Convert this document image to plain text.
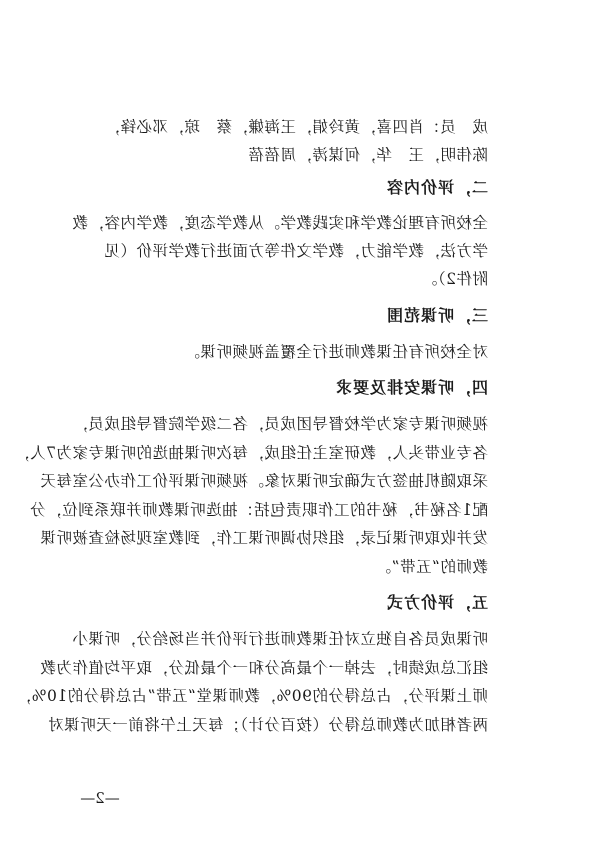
成　员：肖四喜，黄玲娟，王海嫌，蔡　琼，邓必锋，
陈伟明，王　华，何谋涛，周蓓蓓
二，评价内容
全校所有理论教学和实践教学。从教学态度，教学内容，教
学方法，教学能力，教学文件等方面进行教学评价（见
附件2）。
三，听课范围
对全校所有任课教师进行全覆盖视频听课。
四，听课安排及要求
视频听课专家为学校督导团成员，各二级学院督导组成员，
各专业带头人，教研室主任组成，每次听课抽选的听课专家为7人，
采取随机抽签方式确定听课对象。视频听课评价工作办公室每天
配1名秘书，秘书的工作职责包括：抽选听课教师并联系到位，分
发并收取听课记录，组织协调听课工作，到教室现场检查被听课
教师的“五带”。
五，评价方式
听课成员各自独立对任课教师进行评价并当场给分，听课小
组汇总成绩时，去掉一个最高分和一个最低分，取平均值作为教
师上课评分，占总得分的90%，教师课堂“五带”占总得分的10%，
两者相加为教师总得分（按百分计）；每天上午将前一天听课对
—2—
